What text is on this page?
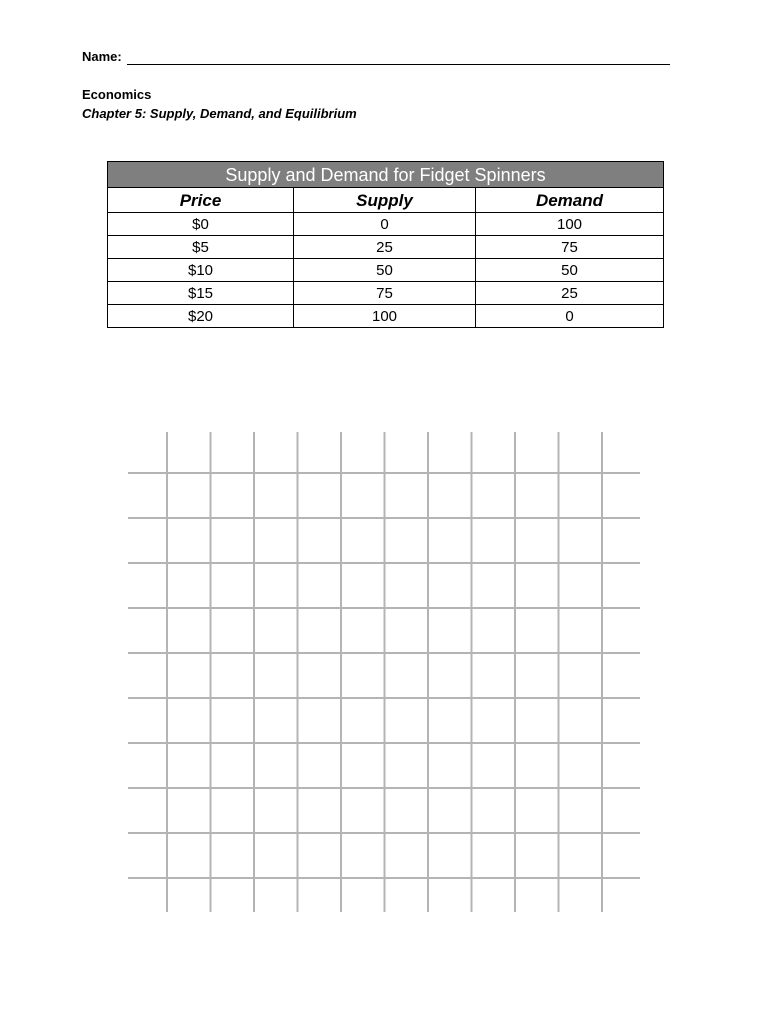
Name:
Economics
Chapter 5: Supply, Demand, and Equilibrium
Supply and Demand for Fidget Spinners		
Price	Supply	Demand
$0	0	100
$5	25	75
$10	50	50
$15	75	25
$20	100	0
